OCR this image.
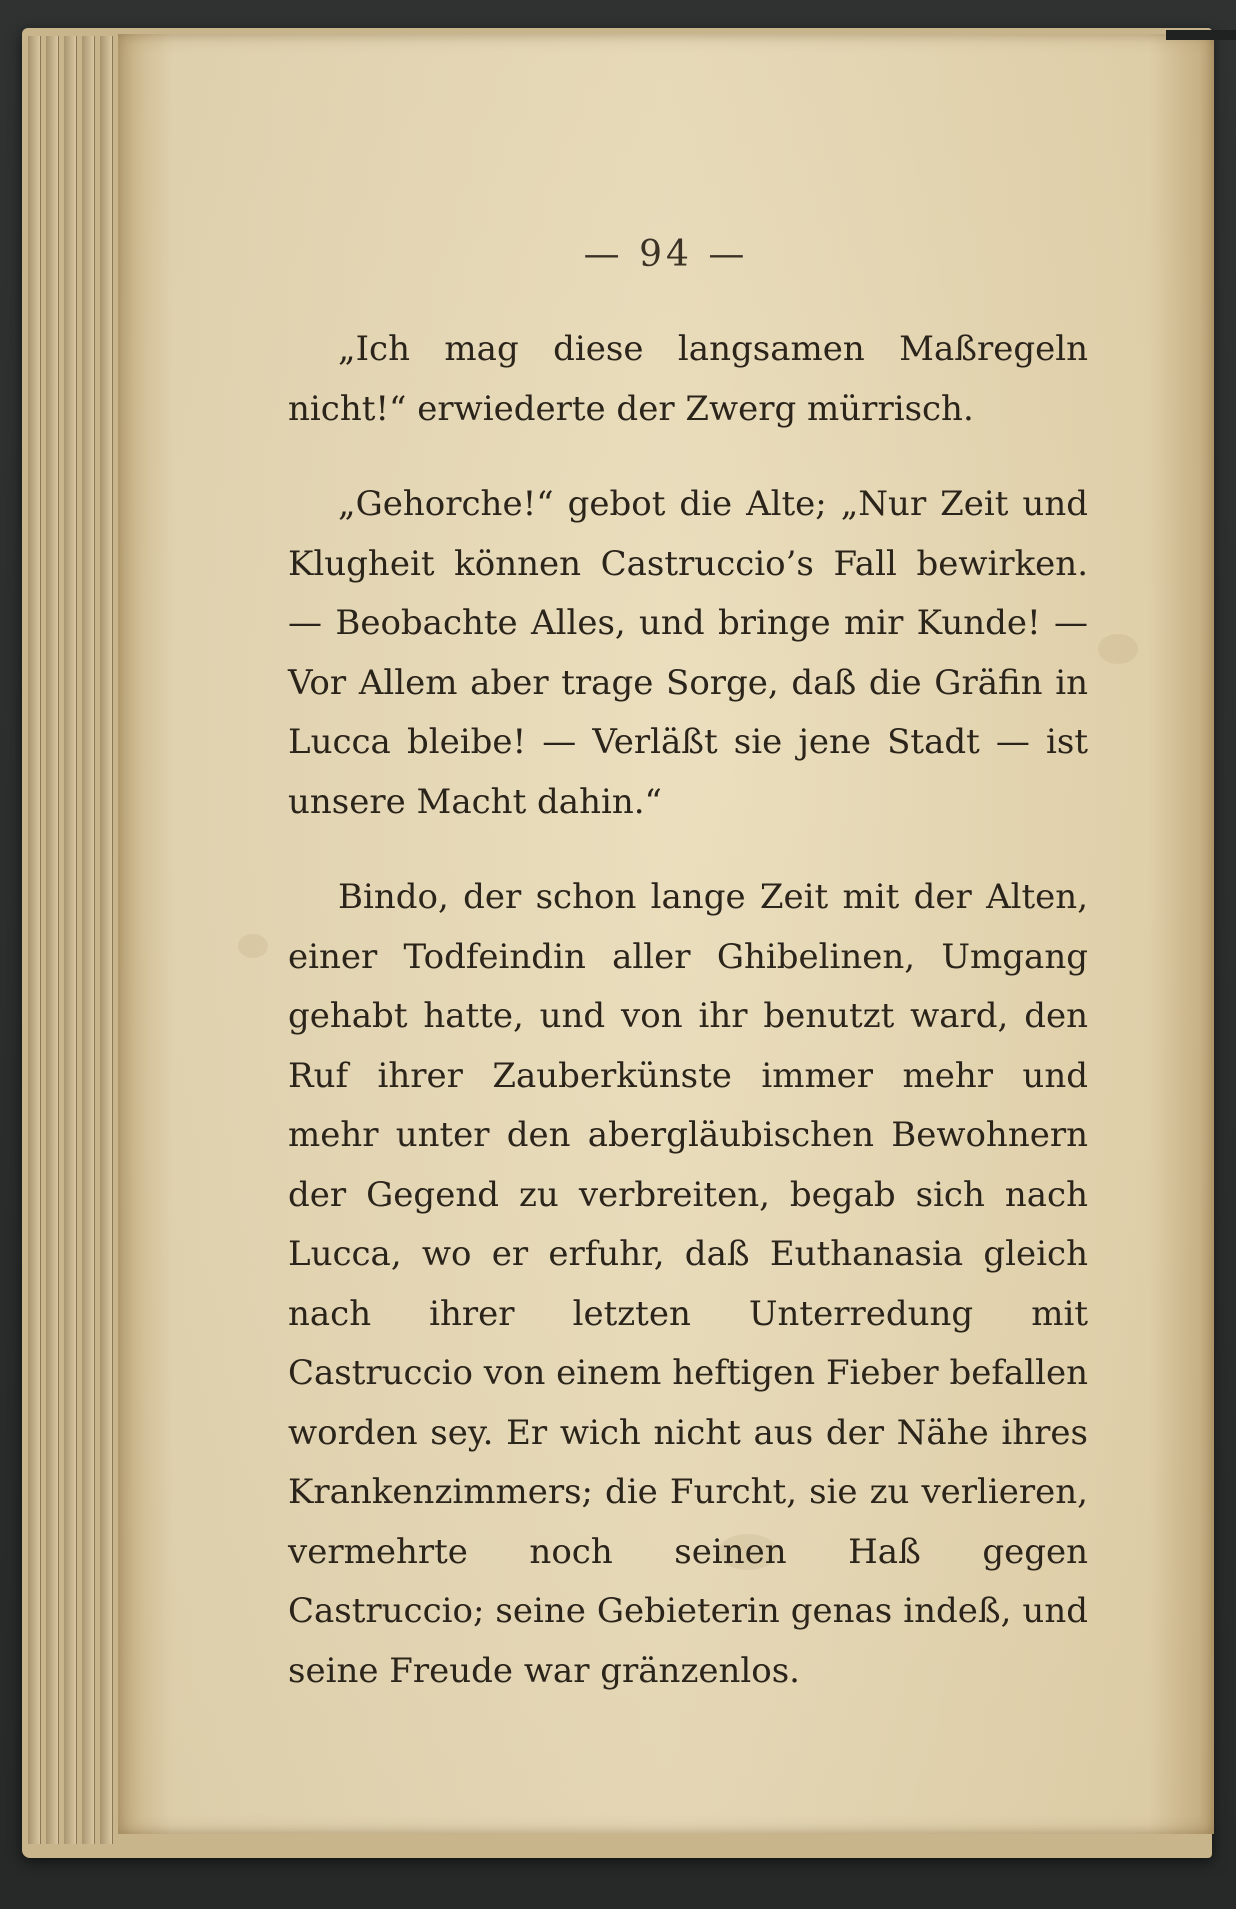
— 94 —

„Ich mag diese langsamen Maßregeln nicht!“ erwiederte der Zwerg mürrisch.

„Gehorche!“ gebot die Alte; „Nur Zeit und Klugheit können Castruccio’s Fall bewirken. — Beobachte Alles, und bringe mir Kunde! — Vor Allem aber trage Sorge, daß die Gräfin in Lucca bleibe! — Verläßt sie jene Stadt — ist unsere Macht dahin.“

Bindo, der schon lange Zeit mit der Alten, einer Todfeindin aller Ghibelinen, Umgang gehabt hatte, und von ihr benutzt ward, den Ruf ihrer Zauberkünste immer mehr und mehr unter den abergläubischen Bewohnern der Gegend zu verbreiten, begab sich nach Lucca, wo er erfuhr, daß Euthanasia gleich nach ihrer letzten Unterredung mit Castruccio von einem heftigen Fieber befallen worden sey. Er wich nicht aus der Nähe ihres Krankenzimmers; die Furcht, sie zu verlieren, vermehrte noch seinen Haß gegen Castruccio; seine Gebieterin genas indeß, und seine Freude war gränzenlos.
